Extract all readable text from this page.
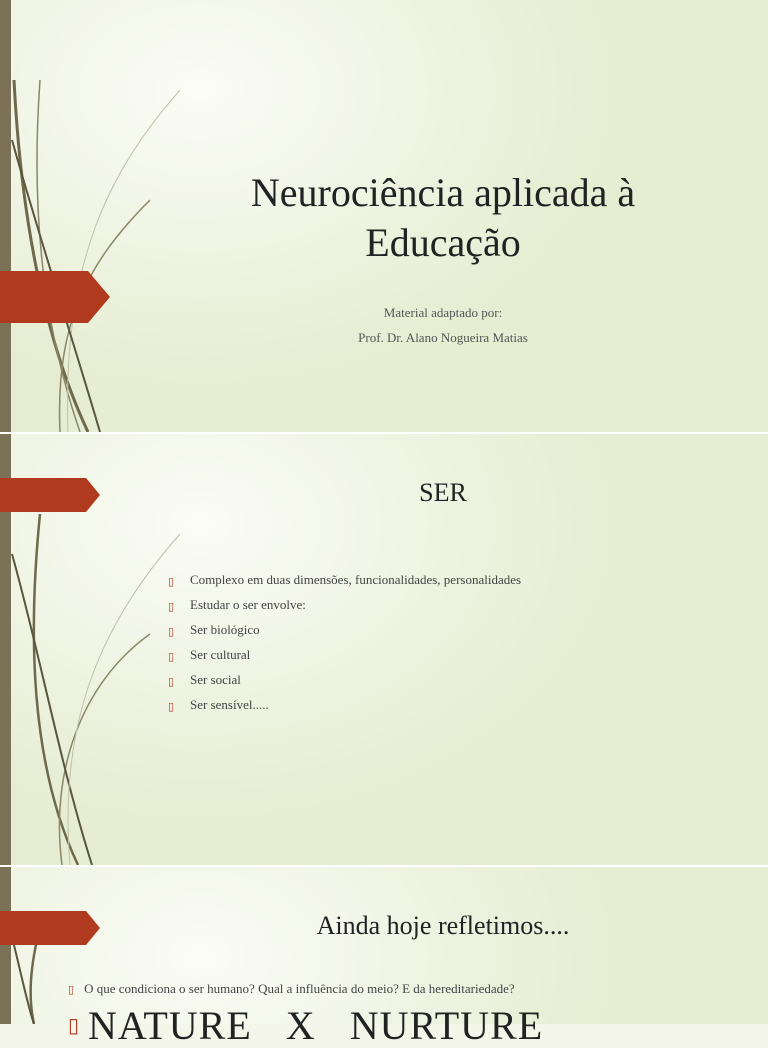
Neurociência aplicada à
Educação
Material adaptado por:
Prof. Dr. Alano Nogueira Matias
SER
▯ Complexo em duas dimensões, funcionalidades, personalidades
▯ Estudar o ser envolve:
▯ Ser biológico
▯ Ser cultural
▯ Ser social
▯ Ser sensível.....
Ainda hoje refletimos....
▯ O que condiciona o ser humano? Qual a influência do meio? E da hereditariedade?
▯ NATURE X NURTURE
